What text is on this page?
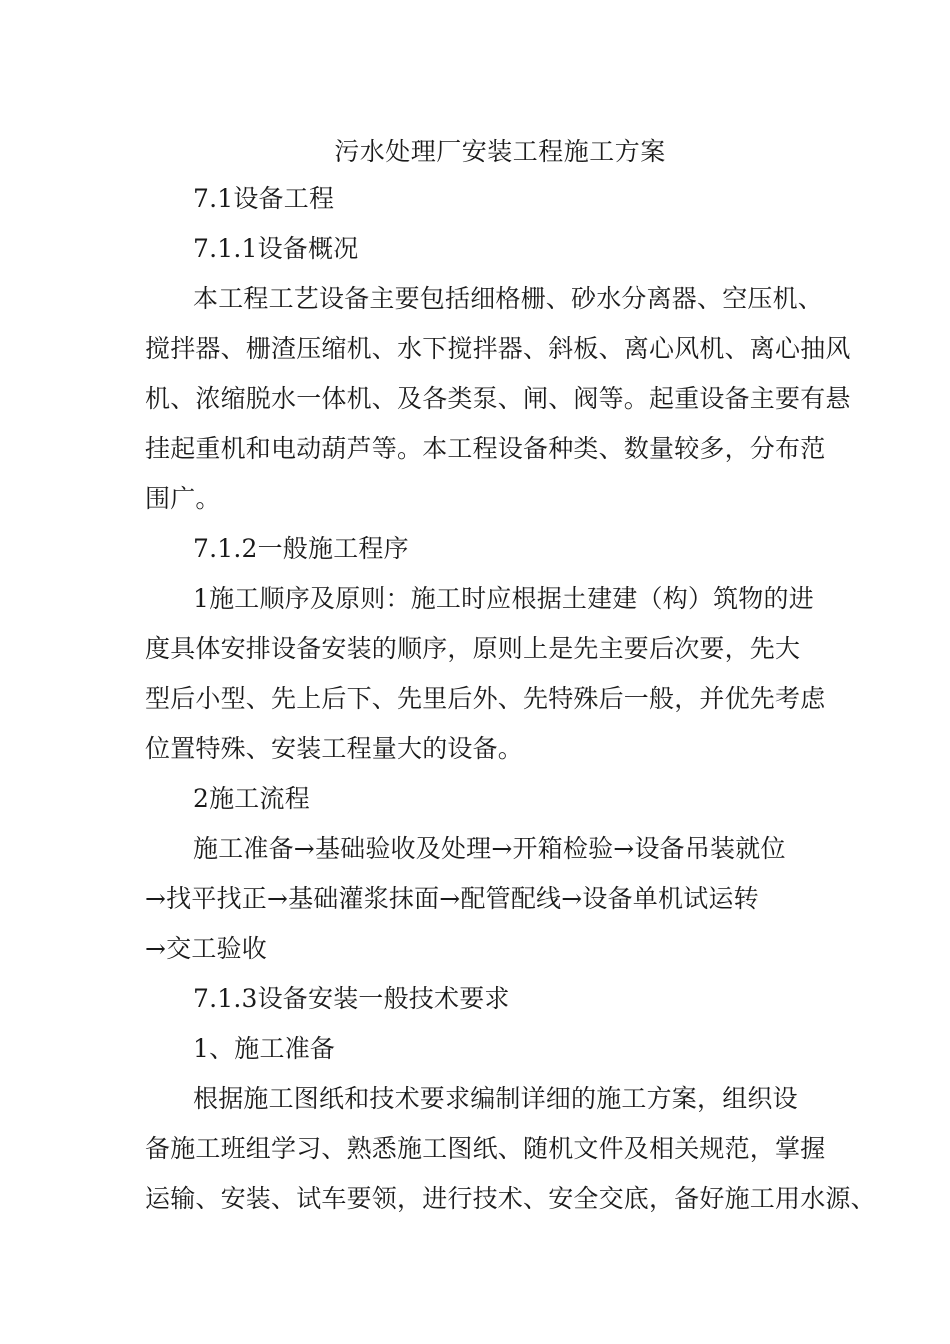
污水处理厂安装工程施工方案
7.1设备工程
7.1.1设备概况
本工程工艺设备主要包括细格栅、砂水分离器、空压机、
搅拌器、栅渣压缩机、水下搅拌器、斜板、离心风机、离心抽风
机、浓缩脱水一体机、及各类泵、闸、阀等。起重设备主要有悬
挂起重机和电动葫芦等。本工程设备种类、数量较多，分布范
围广。
7.1.2一般施工程序
1施工顺序及原则：施工时应根据土建建（构）筑物的进
度具体安排设备安装的顺序，原则上是先主要后次要，先大
型后小型、先上后下、先里后外、先特殊后一般，并优先考虑
位置特殊、安装工程量大的设备。
2施工流程
施工准备→基础验收及处理→开箱检验→设备吊装就位
→找平找正→基础灌浆抹面→配管配线→设备单机试运转
→交工验收
7.1.3设备安装一般技术要求
1、施工准备
根据施工图纸和技术要求编制详细的施工方案，组织设
备施工班组学习、熟悉施工图纸、随机文件及相关规范，掌握
运输、安装、试车要领，进行技术、安全交底，备好施工用水源、
